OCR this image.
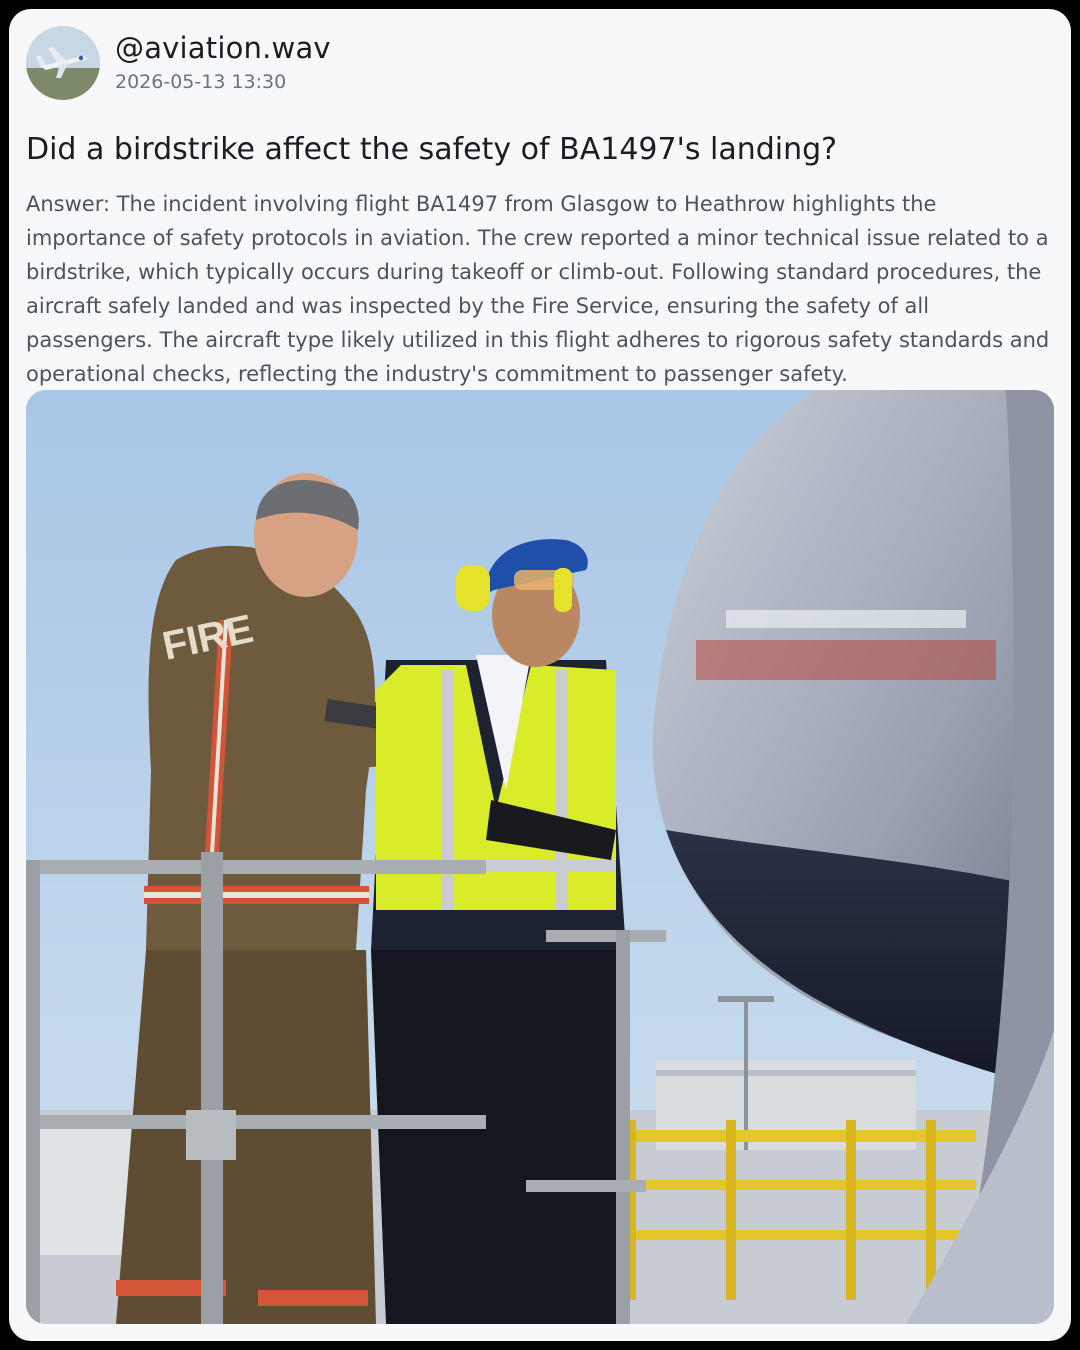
@aviation.wav
2026-05-13 13:30
Did a birdstrike affect the safety of BA1497's landing?
Answer: The incident involving flight BA1497 from Glasgow to Heathrow highlights the importance of safety protocols in aviation. The crew reported a minor technical issue related to a birdstrike, which typically occurs during takeoff or climb-out. Following standard procedures, the aircraft safely landed and was inspected by the Fire Service, ensuring the safety of all passengers. The aircraft type likely utilized in this flight adheres to rigorous safety standards and operational checks, reflecting the industry's commitment to passenger safety.
FIRE
